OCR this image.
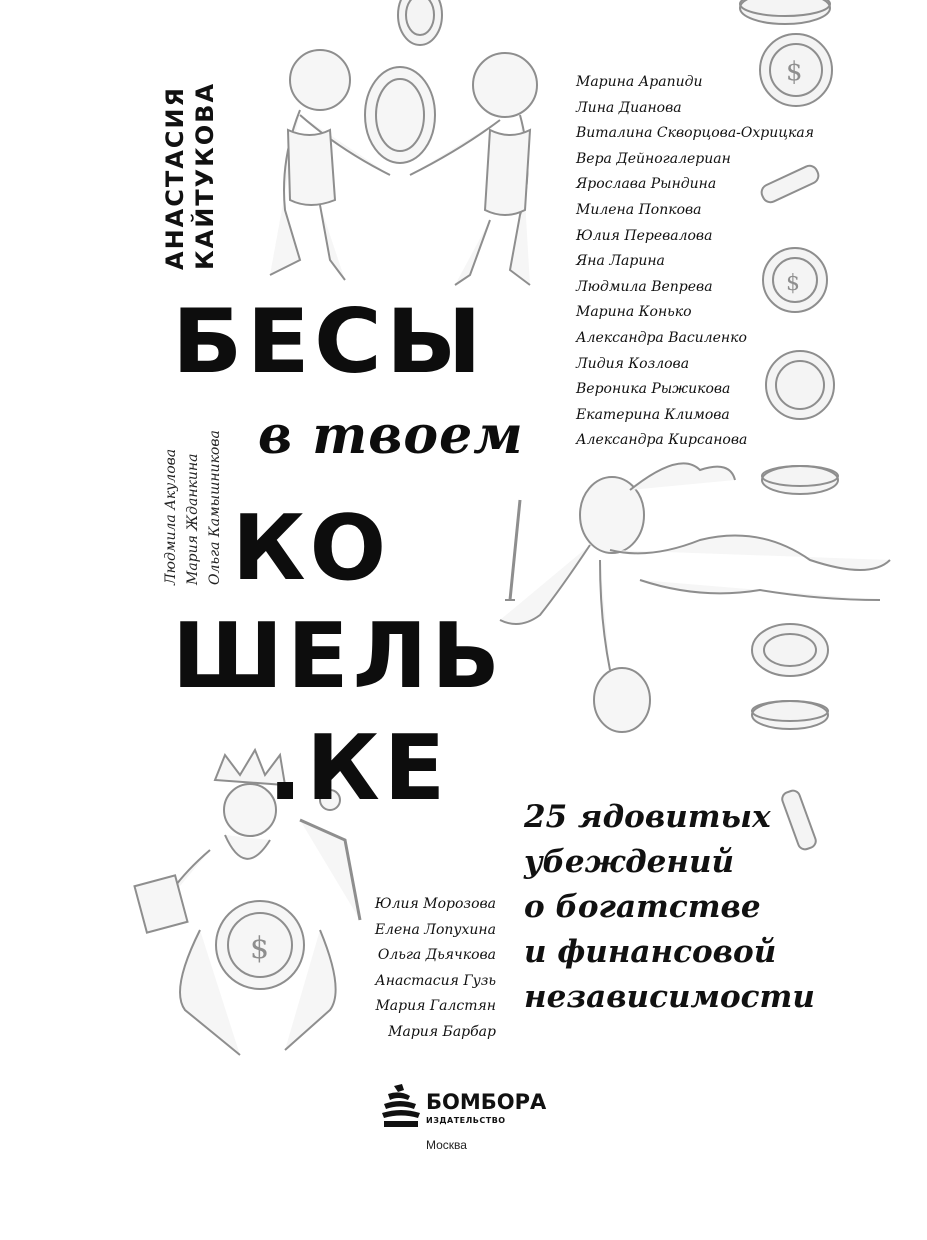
$
$
$
АНАСТАСИЯ КАЙТУКОВА
Людмила Акулова Мария Жданкина Ольга Камышникова
БЕСЫ
в твоем
КО
ШЕЛЬ
.КЕ
Марина Арапиди
Лина Дианова
Виталина Скворцова-Охрицкая
Вера Дейногалериан
Ярослава Рындина
Милена Попкова
Юлия Перевалова
Яна Ларина
Людмила Вепрева
Марина Конько
Александра Василенко
Лидия Козлова
Вероника Рыжикова
Екатерина Климова
Александра Кирсанова
25 ядовитых
убеждений
о богатстве
и финансовой
независимости
Юлия Морозова
Елена Лопухина
Ольга Дьячкова
Анастасия Гузь
Мария Галстян
Мария Барбар
БОМБОРА
ИЗДАТЕЛЬСТВО
Москва
